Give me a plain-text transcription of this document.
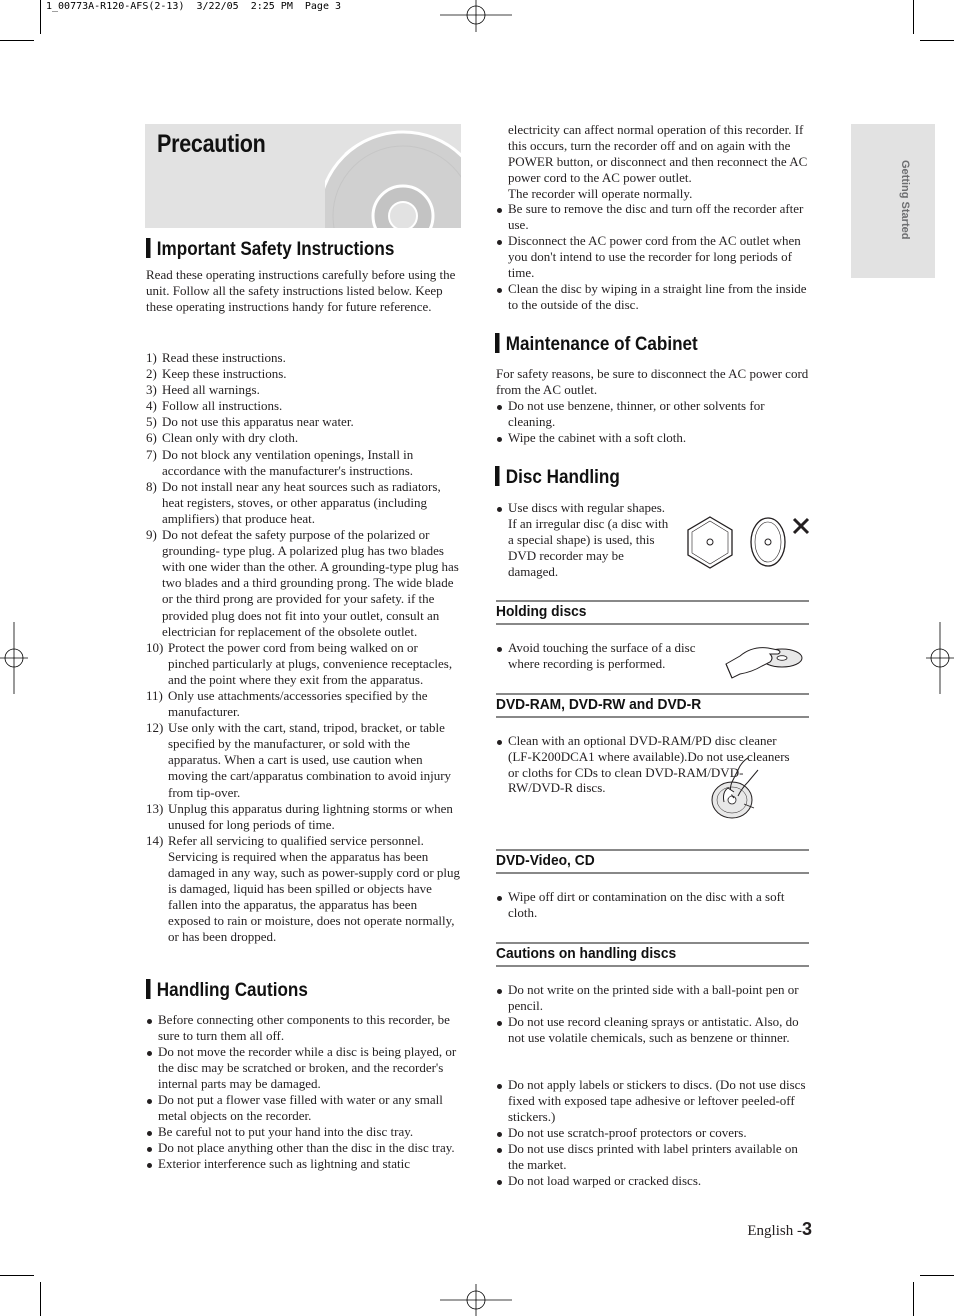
1_00773A-R120-AFS(2-13)  3/22/05  2:25 PM  Page 3
Precaution
Getting Started
Important Safety Instructions

Read these operating instructions carefully before using the unit. Follow all the safety instructions listed below. Keep these operating instructions handy for future reference.

1) Read these instructions.
2) Keep these instructions.
3) Heed all warnings.
4) Follow all instructions.
5) Do not use this apparatus near water.
6) Clean only with dry cloth.
7) Do not block any ventilation openings, Install in accordance with the manufacturer's instructions.
8) Do not install near any heat sources such as radiators, heat registers, stoves, or other apparatus (including amplifiers) that produce heat.
9) Do not defeat the safety purpose of the polarized or grounding- type plug. A polarized plug has two blades with one wider than the other. A grounding-type plug has two blades and a third grounding prong. The wide blade or the third prong are provided for your safety. if the provided plug does not fit into your outlet, consult an electrician for replacement of the obsolete outlet.
10) Protect the power cord from being walked on or pinched particularly at plugs, convenience receptacles, and the point where they exit from the apparatus.
11) Only use attachments/accessories specified by the manufacturer.
12) Use only with the cart, stand, tripod, bracket, or table specified by the manufacturer, or sold with the apparatus. When a cart is used, use caution when moving the cart/apparatus combination to avoid injury from tip-over.
13) Unplug this apparatus during lightning storms or when unused for long periods of time.
14) Refer all servicing to qualified service personnel. Servicing is required when the apparatus has been damaged in any way, such as power-supply cord or plug is damaged, liquid has been spilled or objects have fallen into the apparatus, the apparatus has been exposed to rain or moisture, does not operate normally, or has been dropped.
Handling Cautions
Before connecting other components to this recorder, be sure to turn them all off.
Do not move the recorder while a disc is being played, or the disc may be scratched or broken, and the recorder's internal parts may be damaged.
Do not put a flower vase filled with water or any small metal objects on the recorder.
Be careful not to put your hand into the disc tray.
Do not place anything other than the disc in the disc tray.
Exterior interference such as lightning and static
electricity can affect normal operation of this recorder. If this occurs, turn the recorder off and on again with the POWER button, or disconnect and then reconnect the AC power cord to the AC power outlet.
The recorder will operate normally.
Be sure to remove the disc and turn off the recorder after use.
Disconnect the AC power cord from the AC outlet when you don't intend to use the recorder for long periods of time.
Clean the disc by wiping in a straight line from the inside to the outside of the disc.
Maintenance of Cabinet

For safety reasons, be sure to disconnect the AC power cord from the AC outlet.

Do not use benzene, thinner, or other solvents for cleaning.
Wipe the cabinet with a soft cloth.
Disc Handling
Use discs with regular shapes. If an irregular disc (a disc with a special shape) is used, this DVD recorder may be damaged.
Holding discs
Avoid touching the surface of a disc where recording is performed.
DVD-RAM, DVD-RW and DVD-R
Clean with an optional DVD-RAM/PD disc cleaner (LF-K200DCA1 where available).Do not use cleaners or cloths for CDs to clean DVD-RAM/DVD-RW/DVD-R discs.
DVD-Video, CD
Wipe off dirt or contamination on the disc with a soft cloth.
Cautions on handling discs
Do not write on the printed side with a ball-point pen or pencil.
Do not use record cleaning sprays or antistatic. Also, do not use volatile chemicals, such as benzene or thinner.
Do not apply labels or stickers to discs. (Do not use discs fixed with exposed tape adhesive or leftover peeled-off stickers.)
Do not use scratch-proof protectors or covers.
Do not use discs printed with label printers available on the market.
Do not load warped or cracked discs.
English -3
